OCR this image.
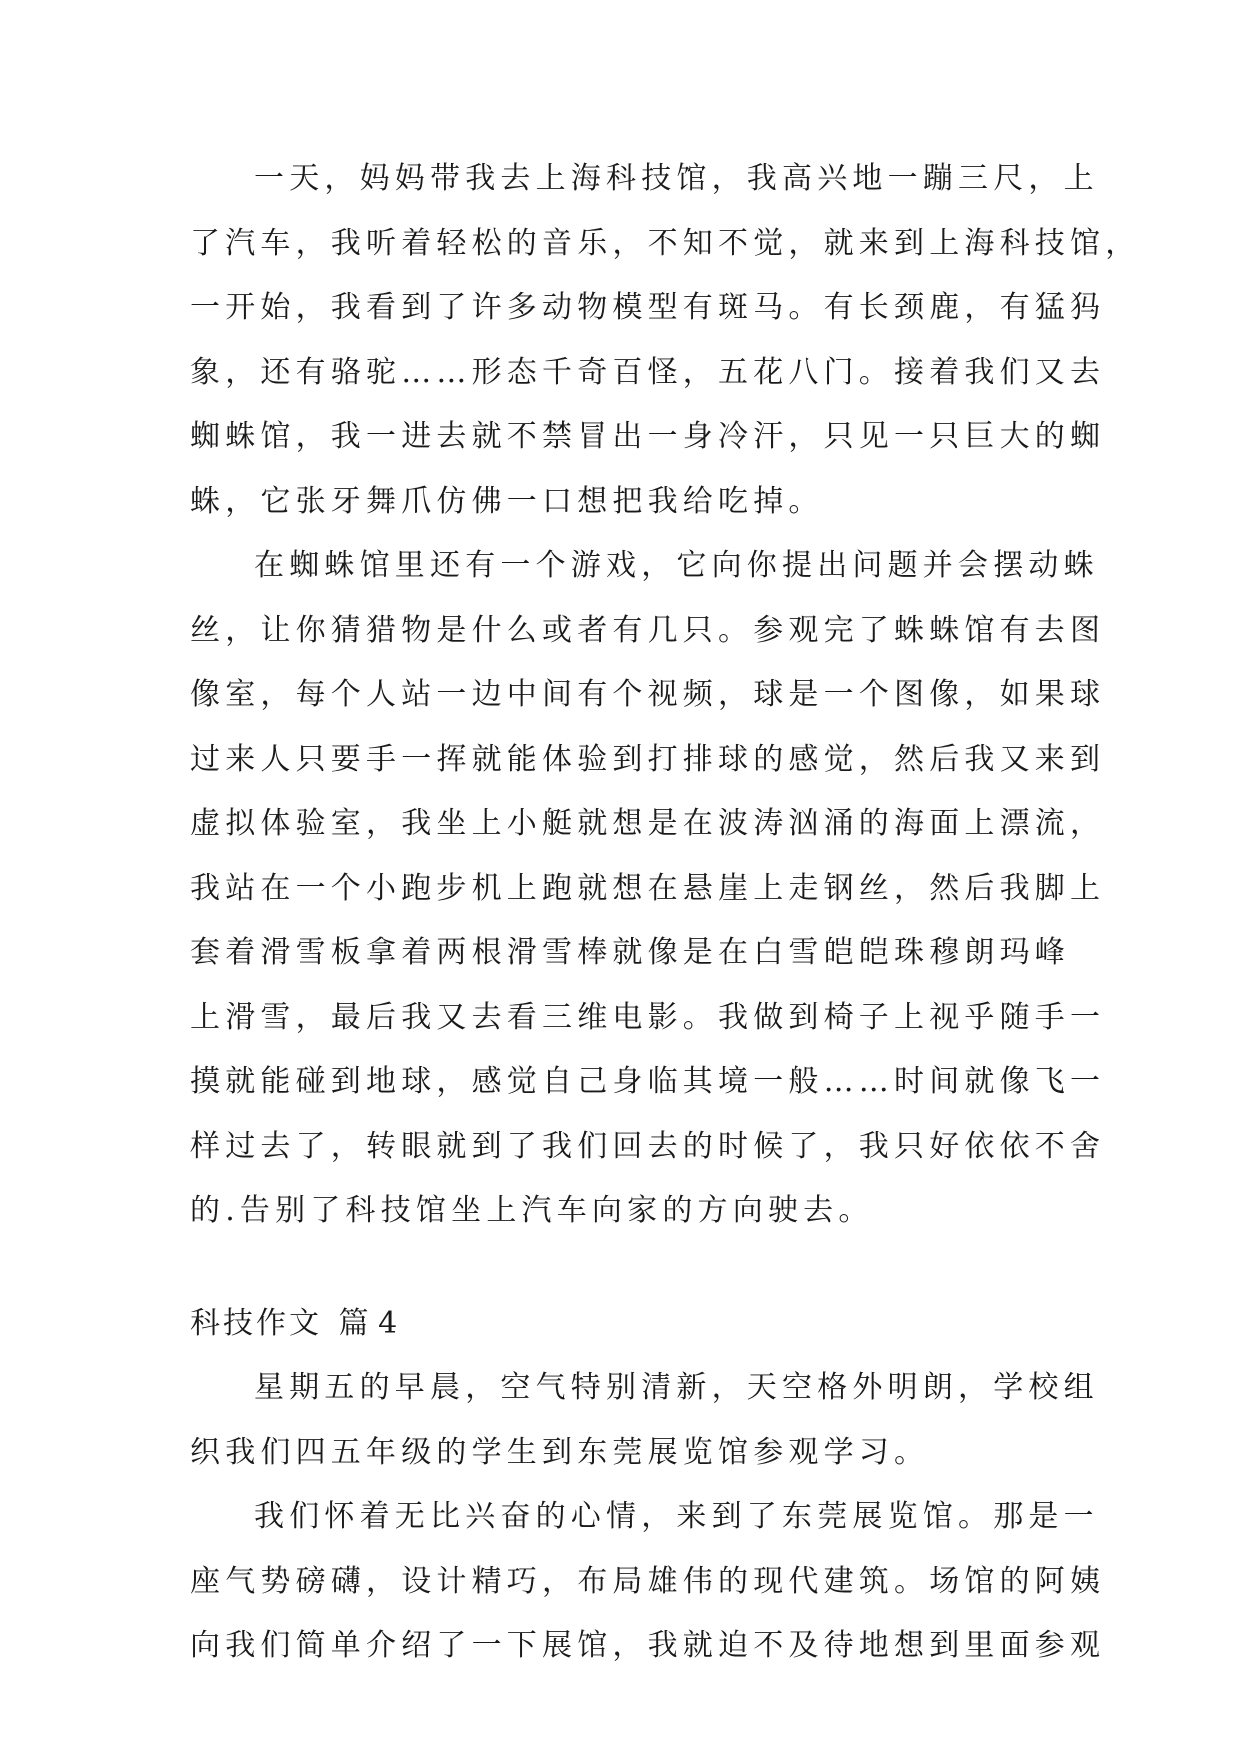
一天，妈妈带我去上海科技馆，我高兴地一蹦三尺，上
了汽车，我听着轻松的音乐，不知不觉，就来到上海科技馆，
一开始，我看到了许多动物模型有斑马。有长颈鹿，有猛犸
象，还有骆驼……形态千奇百怪，五花八门。接着我们又去
蜘蛛馆，我一进去就不禁冒出一身冷汗，只见一只巨大的蜘
蛛，它张牙舞爪仿佛一口想把我给吃掉。
在蜘蛛馆里还有一个游戏，它向你提出问题并会摆动蛛
丝，让你猜猎物是什么或者有几只。参观完了蛛蛛馆有去图
像室，每个人站一边中间有个视频，球是一个图像，如果球
过来人只要手一挥就能体验到打排球的感觉，然后我又来到
虚拟体验室，我坐上小艇就想是在波涛汹涌的海面上漂流，
我站在一个小跑步机上跑就想在悬崖上走钢丝，然后我脚上
套着滑雪板拿着两根滑雪棒就像是在白雪皑皑珠穆朗玛峰
上滑雪，最后我又去看三维电影。我做到椅子上视乎随手一
摸就能碰到地球，感觉自己身临其境一般……时间就像飞一
样过去了，转眼就到了我们回去的时候了，我只好依依不舍
的.告别了科技馆坐上汽车向家的方向驶去。
科技作文 篇 4
星期五的早晨，空气特别清新，天空格外明朗，学校组
织我们四五年级的学生到东莞展览馆参观学习。
我们怀着无比兴奋的心情，来到了东莞展览馆。那是一
座气势磅礴，设计精巧，布局雄伟的现代建筑。场馆的阿姨
向我们简单介绍了一下展馆，我就迫不及待地想到里面参观
